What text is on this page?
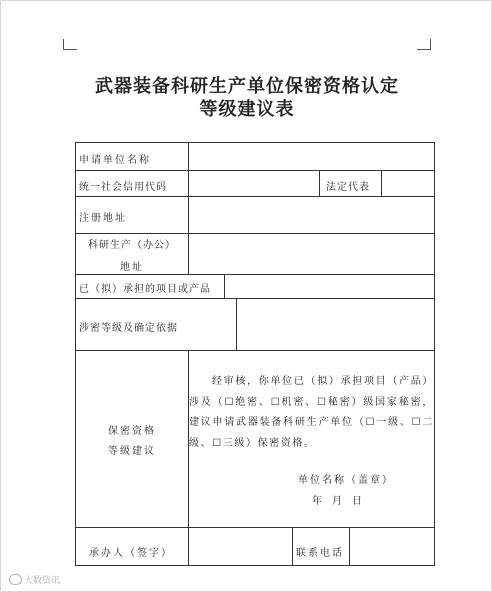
武器装备科研生产单位保密资格认定
等级建议表
申请单位名称
统一社会信用代码	法定代表
注册地址
科研生产（办公）
地址
已（拟）承担的项目或产品
涉密等级及确定依据
保密资格
等级建议
经审核，你单位已（拟）承担项目（产品）涉及（☐绝密、☐机密、☐秘密）级国家秘密，建议申请武器装备科研生产单位（☐一级、☐二级、☐三级）保密资格。
单位名称（盖章）
年　月　日
承办人（签字）	联系电话
大数资讯
